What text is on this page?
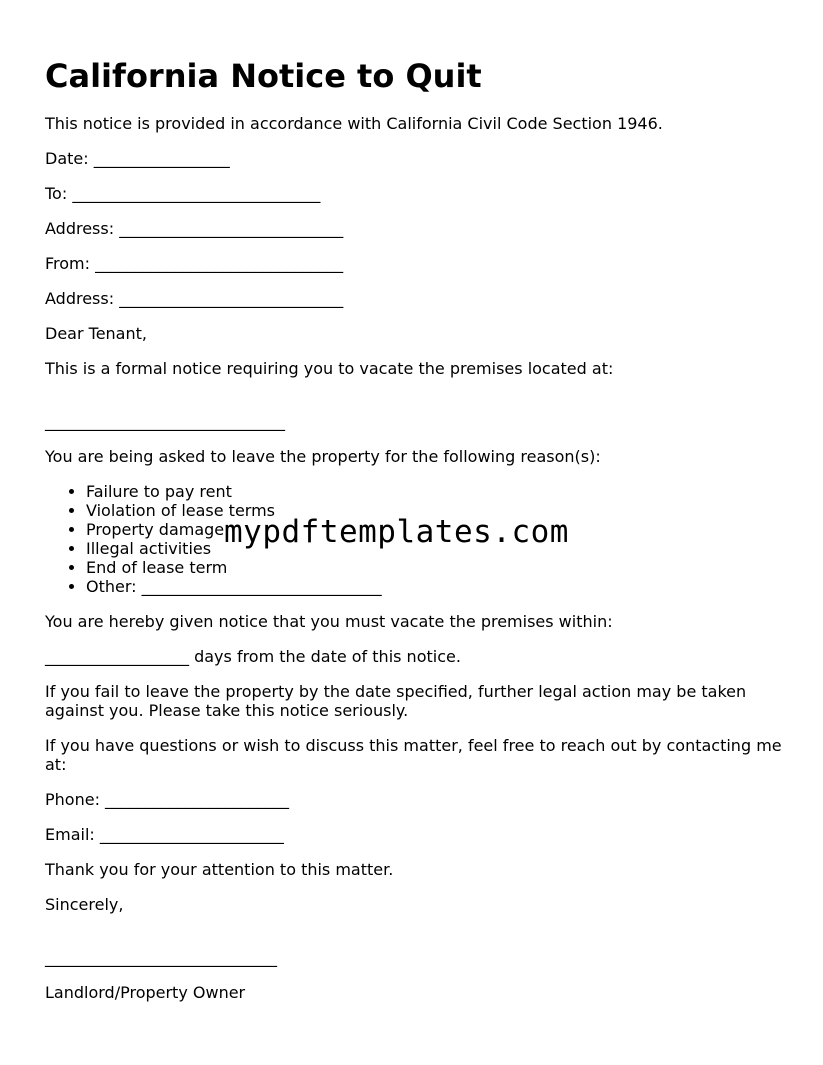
California Notice to Quit

This notice is provided in accordance with California Civil Code Section 1946.

Date: _________________

To: _______________________________

Address: ____________________________

From: _______________________________

Address: ____________________________

Dear Tenant,

This is a formal notice requiring you to vacate the premises located at:

______________________________

You are being asked to leave the property for the following reason(s):

• Failure to pay rent
• Violation of lease terms
• Property damage
• Illegal activities
• End of lease term
• Other: ______________________________

You are hereby given notice that you must vacate the premises within:

__________________ days from the date of this notice.

If you fail to leave the property by the date specified, further legal action may be taken against you. Please take this notice seriously.

If you have questions or wish to discuss this matter, feel free to reach out by contacting me at:

Phone: _______________________

Email: _______________________

Thank you for your attention to this matter.

Sincerely,

_____________________________

Landlord/Property Owner

mypdftemplates.com
